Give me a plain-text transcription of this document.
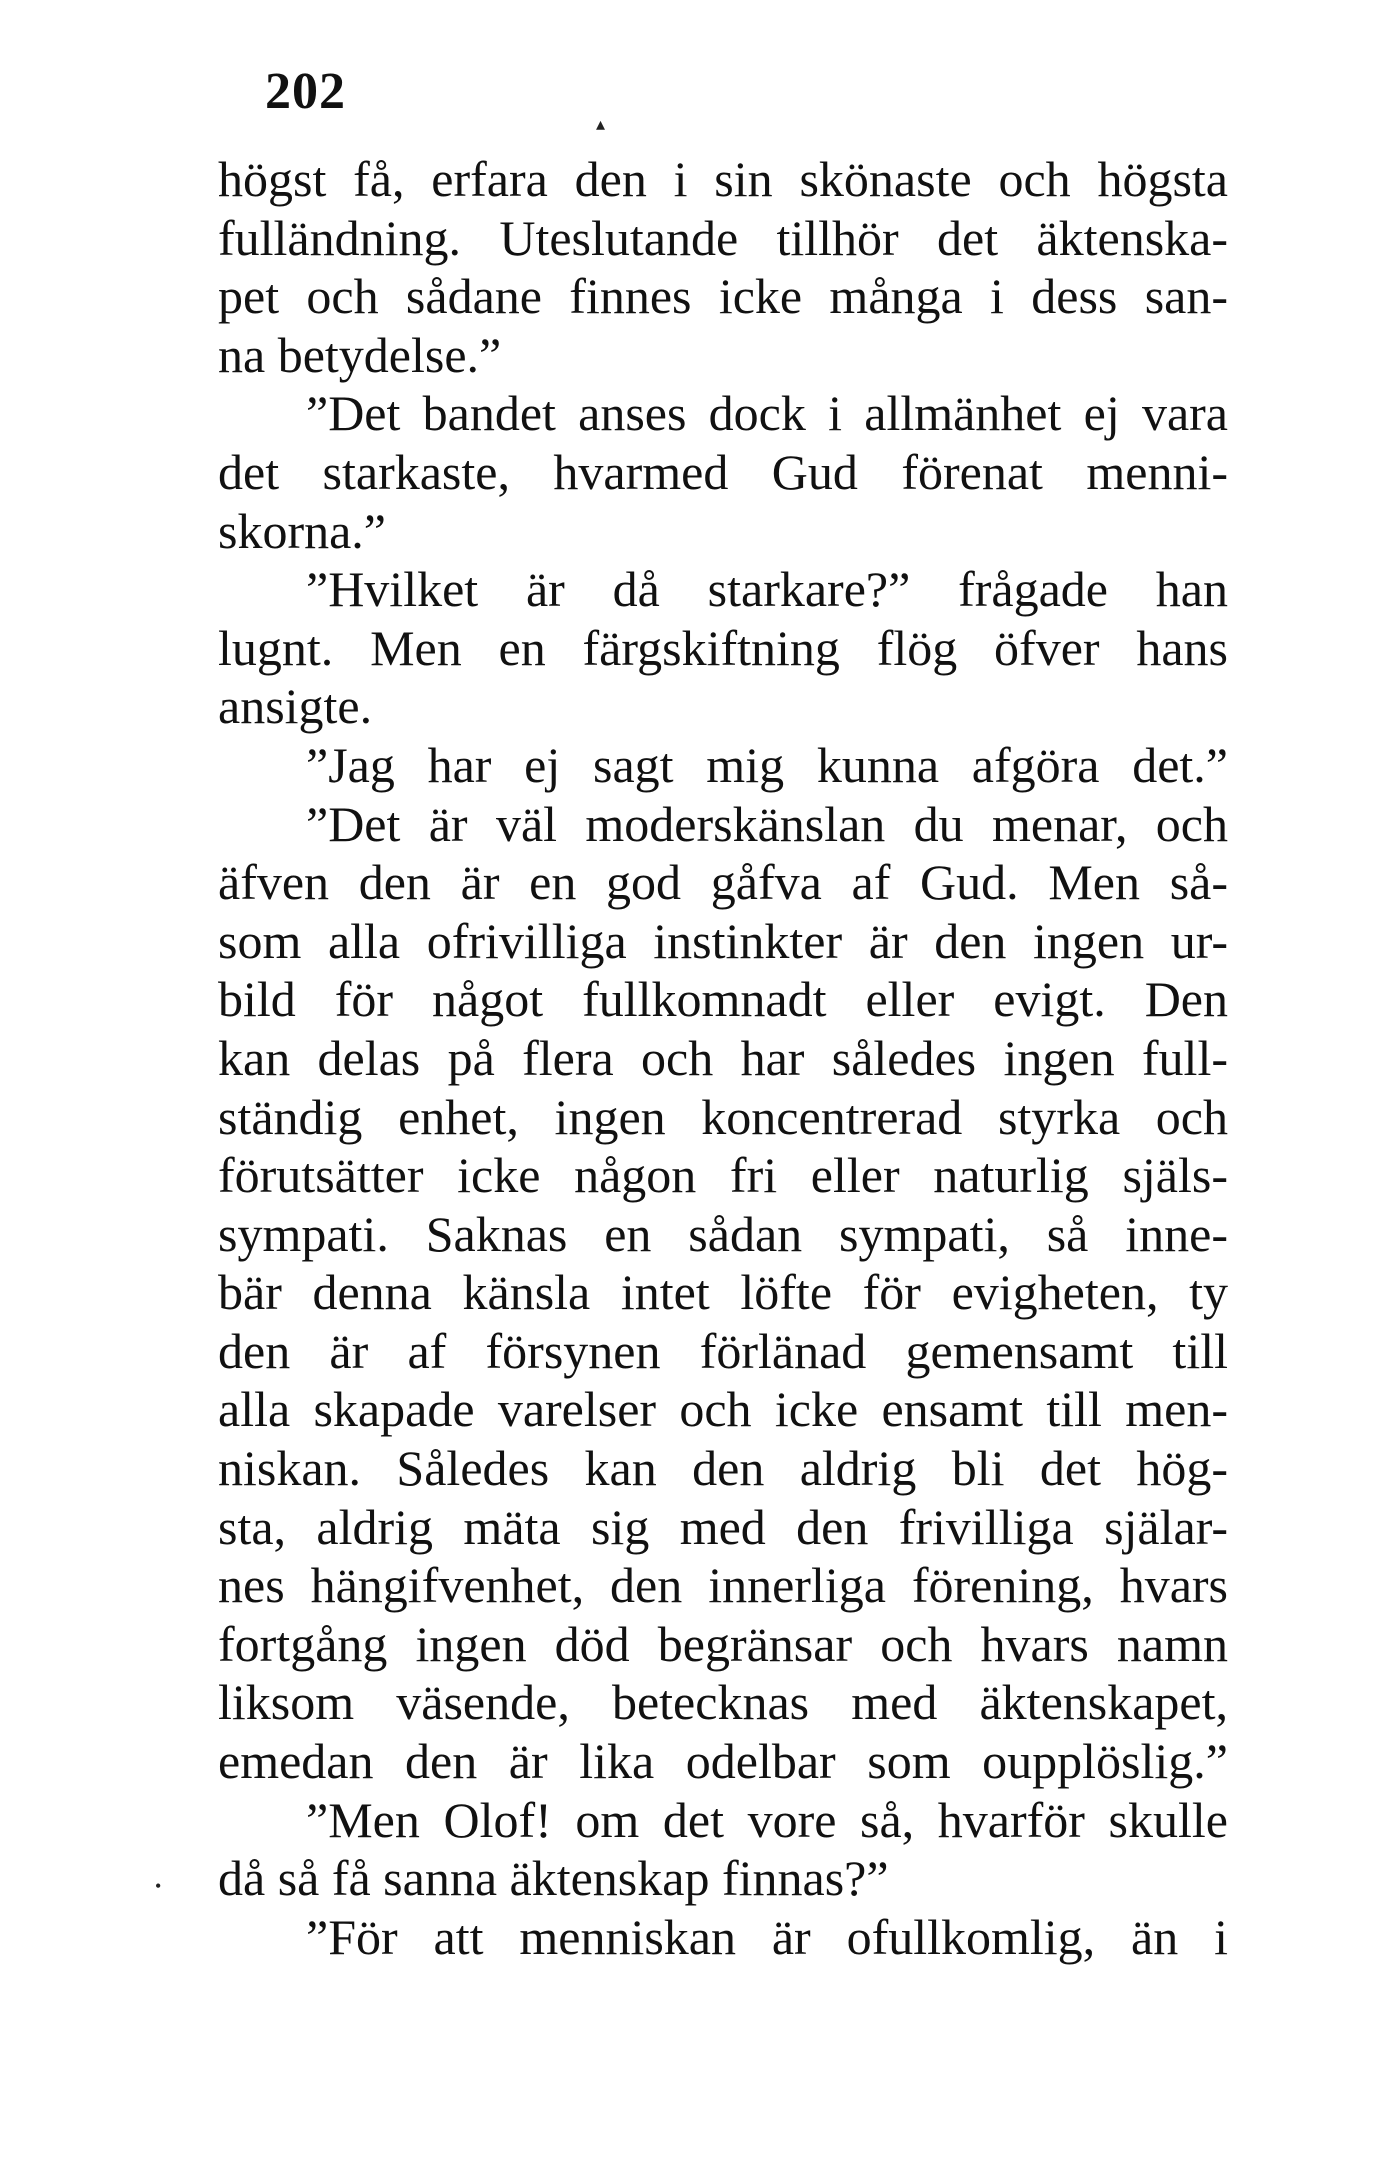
202
▴
•
högst få, erfara den i sin skönaste och högsta
fulländning. Uteslutande tillhör det äktenska-
pet och sådane finnes icke många i dess san-
na betydelse.”
”Det bandet anses dock i allmänhet ej vara
det starkaste, hvarmed Gud förenat menni-
skorna.”
”Hvilket är då starkare?” frågade han
lugnt. Men en färgskiftning flög öfver hans
ansigte.
”Jag har ej sagt mig kunna afgöra det.”
”Det är väl moderskänslan du menar, och
äfven den är en god gåfva af Gud. Men så-
som alla ofrivilliga instinkter är den ingen ur-
bild för något fullkomnadt eller evigt. Den
kan delas på flera och har således ingen full-
ständig enhet, ingen koncentrerad styrka och
förutsätter icke någon fri eller naturlig själs-
sympati. Saknas en sådan sympati, så inne-
bär denna känsla intet löfte för evigheten, ty
den är af försynen förlänad gemensamt till
alla skapade varelser och icke ensamt till men-
niskan. Således kan den aldrig bli det hög-
sta, aldrig mäta sig med den frivilliga själar-
nes hängifvenhet, den innerliga förening, hvars
fortgång ingen död begränsar och hvars namn
liksom väsende, betecknas med äktenskapet,
emedan den är lika odelbar som oupplöslig.”
”Men Olof! om det vore så, hvarför skulle
då så få sanna äktenskap finnas?”
”För att menniskan är ofullkomlig, än i
